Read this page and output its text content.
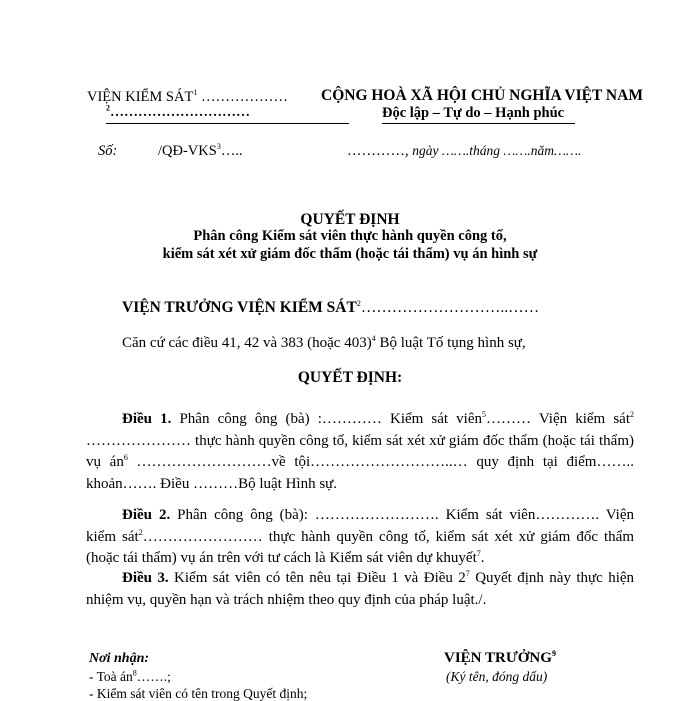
VIỆN KIỂM SÁT$^1$ ………………
$^2$…………………………
CỘNG HOÀ XÃ HỘI CHỦ NGHĨA VIỆT NAM
Độc lập – Tự do – Hạnh phúc
Số:	/QĐ-VKS$^3$…..	…………, ngày …….tháng …….năm…….
QUYẾT ĐỊNH
Phân công Kiểm sát viên thực hành quyền công tố,
kiểm sát xét xử giám đốc thẩm (hoặc tái thẩm) vụ án hình sự
VIỆN TRƯỞNG VIỆN KIỂM SÁT$^2$………………………..……
Căn cứ các điều 41, 42 và 383 (hoặc 403)$^4$ Bộ luật Tố tụng hình sự,
QUYẾT ĐỊNH:
Điều 1. Phân công ông (bà) :………… Kiểm sát viên$^5$……… Viện kiểm sát$^2$ ………………… thực hành quyền công tố, kiểm sát xét xử giám đốc thẩm (hoặc tái thẩm) vụ $án^6$ ………………………về tội………………………..… quy định tại điểm…….. khoản……. Điều ………Bộ luật Hình sự.
Điều 2. Phân công ông (bà): ……………………. Kiểm sát viên…………. Viện kiểm sát$^2$…………………… thực hành quyền công tố, kiểm sát xét xử giám đốc thẩm (hoặc tái thẩm) vụ án trên với tư cách là Kiểm sát viên dự khuyết$^7$.
Điều 3. Kiểm sát viên có tên nêu tại Điều 1 và Điều $2^7$ Quyết định này thực hiện nhiệm vụ, quyền hạn và trách nhiệm theo quy định của pháp luật./.
Nơi nhận:
- Toà $án^8\dots\dots$.;
- Kiểm sát viên có tên trong Quyết định;
VIỆN TRƯỞNG$^9$
(Ký tên, đóng dấu)
